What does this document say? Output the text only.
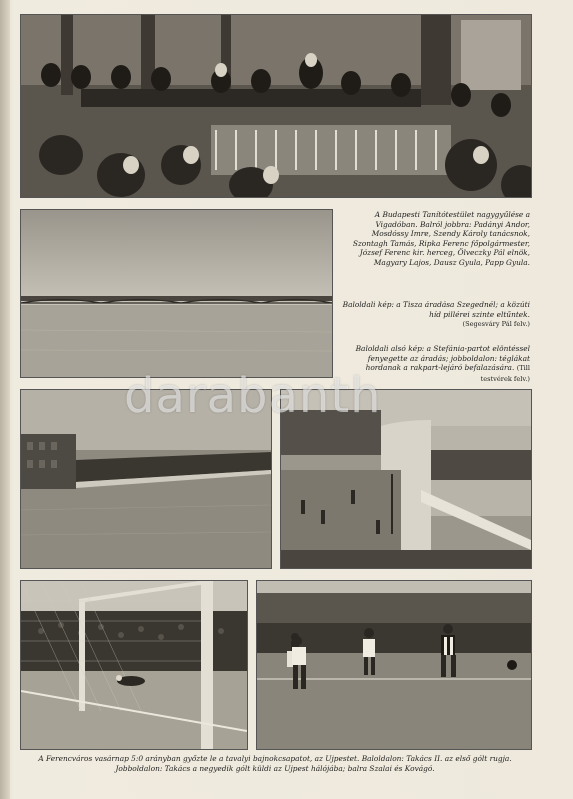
A Budapesti Tanítótestület nagygyűlése a Vigadóban. Balról jobbra: Padányi Andor, Mosdóssy Imre, Szendy Károly tanácsnok, Szontagh Tamás, Ripka Ferenc főpolgármester, József Ferenc kir. herceg, Ölveczky Pál elnök, Magyary Lajos, Dausz Gyula, Papp Gyula.
Baloldali kép: a Tisza áradása Szegednél; a közúti híd pillérei szinte eltűntek.
(Segesváry Pál felv.)
Baloldali alsó kép: a Stefánia-partot elöntéssel fenyegette az áradás; jobboldalon: téglákat hordanak a rakpart-lejáró befalazására. (Till testvérek felv.)
A Ferencváros vasárnap 5:0 arányban győzte le a tavalyi bajnokcsapatot, az Ujpestet. Baloldalon: Takács II. az első gólt rugja. Jobboldalon: Takács a negyedik gólt küldi az Ujpest hálójába; balra Szalai és Kovágó.
darabanth
